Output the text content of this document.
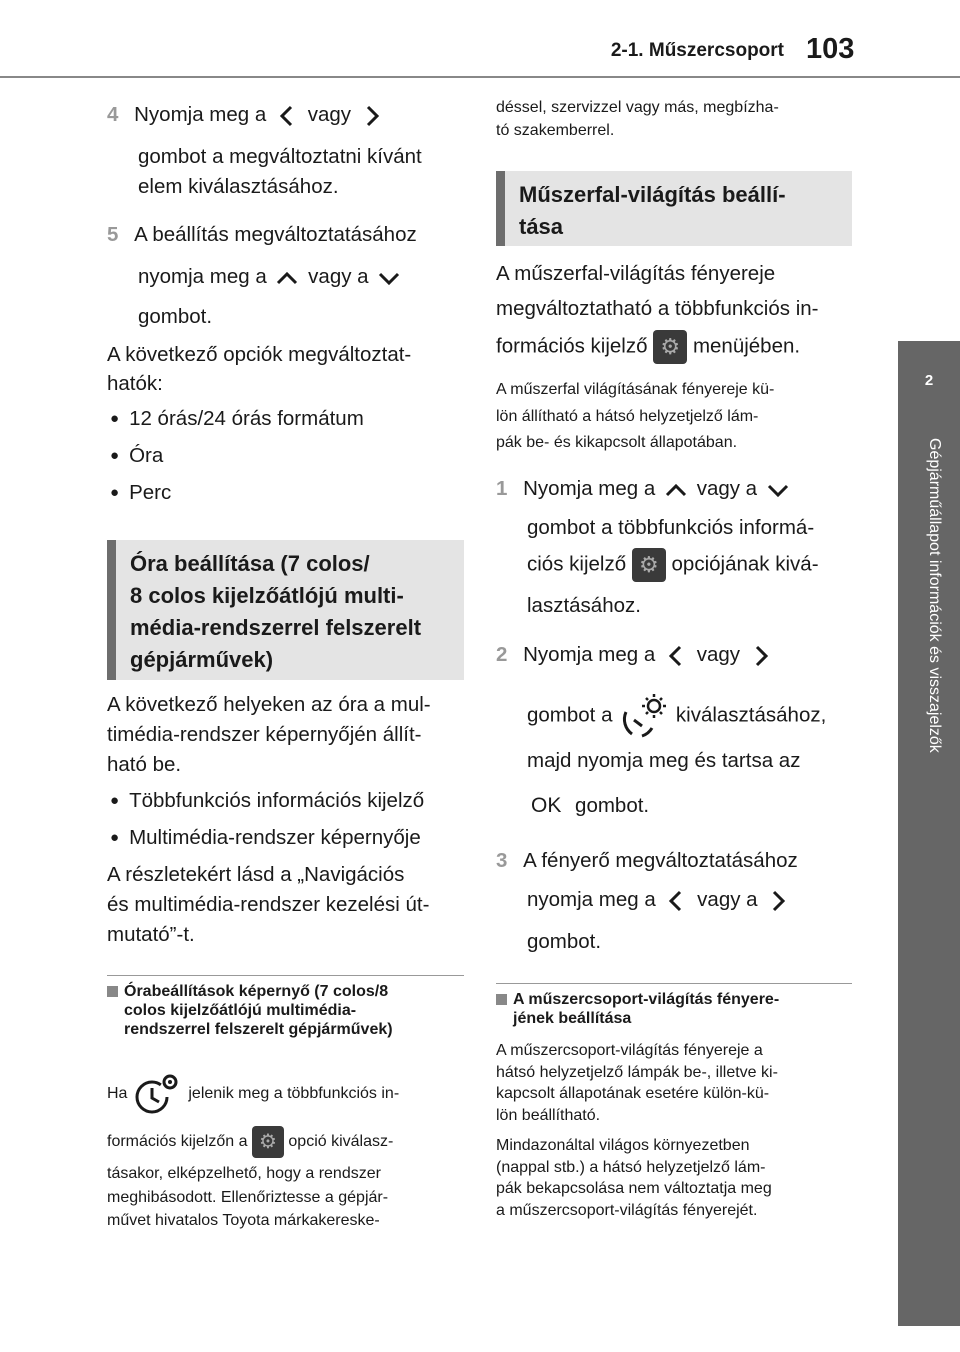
2-1. Műszercsoport 103
2
Gépjárműállapot információk és visszajelzők
4 Nyomja meg a vagy
gombot a megváltoztatni kívánt
elem kiválasztásához.
5 A beállítás megváltoztatásához
nyomja meg a vagy a
gombot.
A következő opciók megváltoztat-
hatók:
● 12 órás/24 órás formátum
● Óra
● Perc
Óra beállítása (7 colos/
8 colos kijelzőátlójú multi-
média-rendszerrel felszerelt
gépjárművek)
A következő helyeken az óra a mul-
timédia-rendszer képernyőjén állít-
ható be.
● Többfunkciós információs kijelző
● Multimédia-rendszer képernyője
A részletekért lásd a „Navigációs
és multimédia-rendszer kezelési út-
mutató”-t.
Órabeállítások képernyő (7 colos/8
colos kijelzőátlójú multimédia-
rendszerrel felszerelt gépjárművek)
Ha	jelenik meg a többfunkciós in-
formációs kijelzőn a ⚙ opció kiválasz-
tásakor, elképzelhető, hogy a rendszer
meghibásodott. Ellenőriztesse a gépjár-
művet hivatalos Toyota márkakereske-
déssel, szervizzel vagy más, megbízha-
tó szakemberrel.
Műszerfal-világítás beállí-
tása
A műszerfal-világítás fényereje
megváltoztatható a többfunkciós in-
formációs kijelző ⚙ menüjében.
A műszerfal világításának fényereje kü-
lön állítható a hátsó helyzetjelző lám-
pák be- és kikapcsolt állapotában.
1 Nyomja meg a vagy a
gombot a többfunkciós informá-
ciós kijelző ⚙ opciójának kivá-
lasztásához.
2 Nyomja meg a vagy
gombot a	kiválasztásához,
majd nyomja meg és tartsa az
OK gombot.
3 A fényerő megváltoztatásához
nyomja meg a vagy a
gombot.
A műszercsoport-világítás fényere-
jének beállítása
A műszercsoport-világítás fényereje a
hátsó helyzetjelző lámpák be-, illetve ki-
kapcsolt állapotának esetére külön-kü-
lön beállítható.
Mindazonáltal világos környezetben
(nappal stb.) a hátsó helyzetjelző lám-
pák bekapcsolása nem változtatja meg
a műszercsoport-világítás fényerejét.
